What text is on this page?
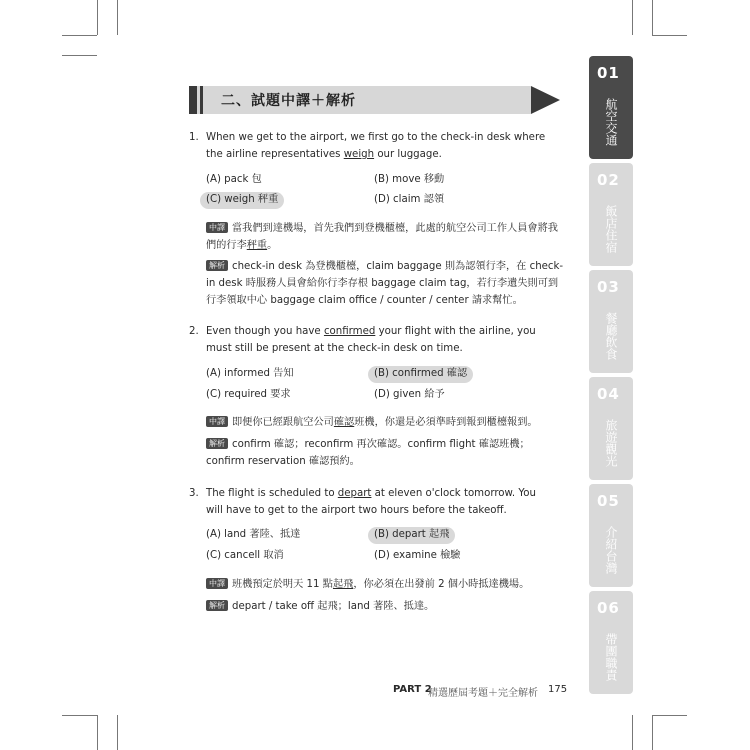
二、試題中譯＋解析
1. When we get to the airport, we first go to the check-in desk where the airline representatives weigh our luggage.
(A) pack 包	(B) move 移動
(C) weigh 秤重	(D) claim 認領
中譯 當我們到達機場，首先我們到登機櫃檯，此處的航空公司工作人員會將我們的行李秤重。
解析 check-in desk 為登機櫃檯，claim baggage 則為認領行李，在 check-in desk 時服務人員會給你行李存根 baggage claim tag，若行李遺失則可到行李領取中心 baggage claim office / counter / center 請求幫忙。
2. Even though you have confirmed your flight with the airline, you must still be present at the check-in desk on time.
(A) informed 告知	(B) confirmed 確認
(C) required 要求	(D) given 給予
中譯 即便你已經跟航空公司確認班機，你還是必須準時到報到櫃檯報到。
解析 confirm 確認；reconfirm 再次確認。confirm flight 確認班機；confirm reservation 確認預約。
3. The flight is scheduled to depart at eleven o'clock tomorrow. You will have to get to the airport two hours before the takeoff.
(A) land 著陸、抵達	(B) depart 起飛
(C) cancell 取消	(D) examine 檢驗
中譯 班機預定於明天 11 點起飛，你必須在出發前 2 個小時抵達機場。
解析 depart / take off 起飛；land 著陸、抵達。
01
航空交通
02
飯店住宿
03
餐廳飲食
04
旅遊觀光
05
介紹台灣
06
帶團職責
PART 2
精選歷屆考題＋完全解析 175
